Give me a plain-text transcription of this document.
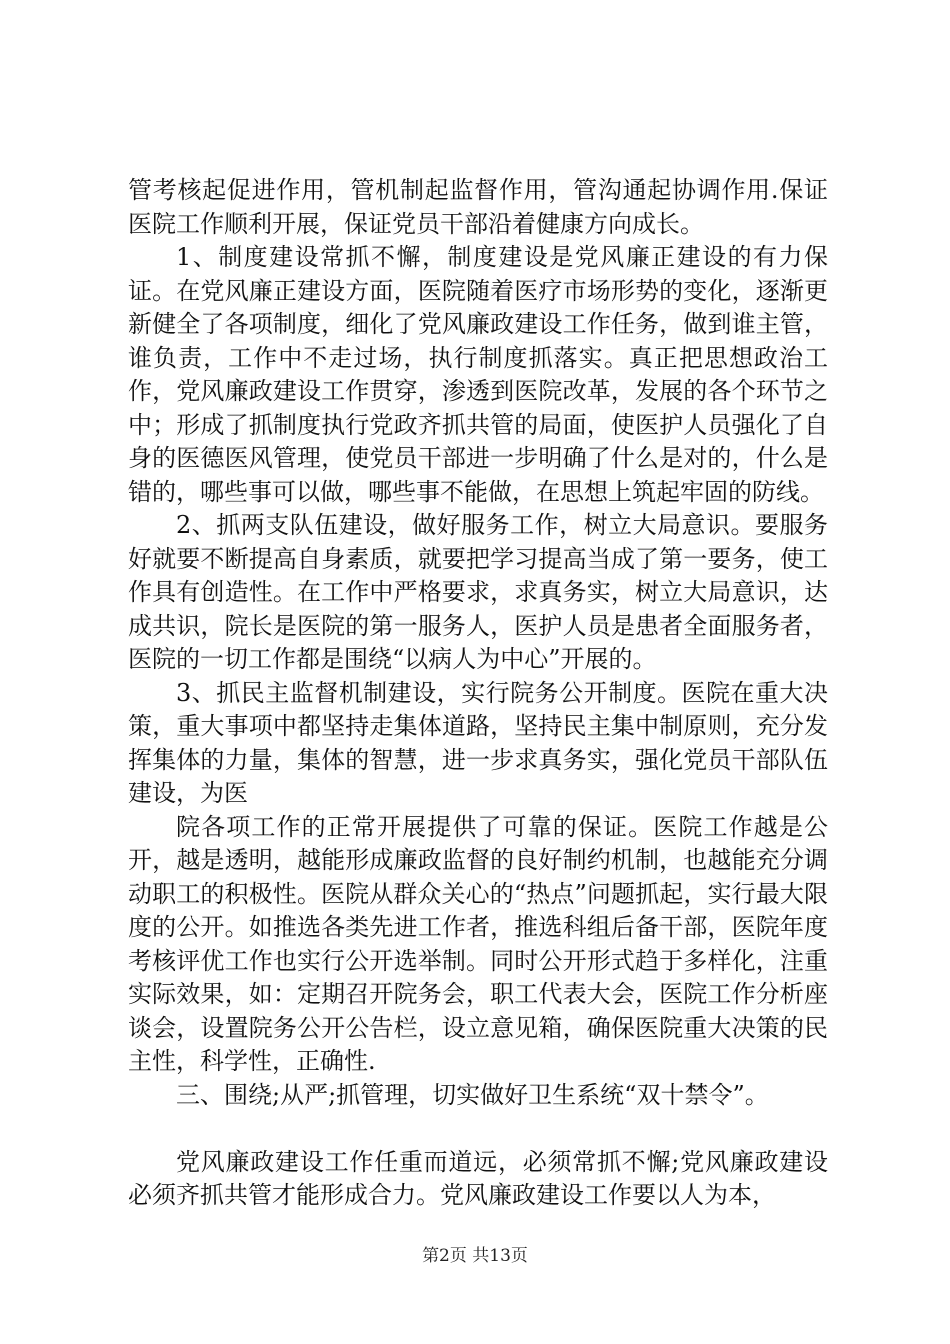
管考核起促进作用，管机制起监督作用，管沟通起协调作用.保证医院工作顺利开展，保证党员干部沿着健康方向成长。

1、制度建设常抓不懈，制度建设是党风廉正建设的有力保证。在党风廉正建设方面，医院随着医疗市场形势的变化，逐渐更新健全了各项制度，细化了党风廉政建设工作任务，做到谁主管，谁负责，工作中不走过场，执行制度抓落实。真正把思想政治工作，党风廉政建设工作贯穿，渗透到医院改革，发展的各个环节之中；形成了抓制度执行党政齐抓共管的局面，使医护人员强化了自身的医德医风管理，使党员干部进一步明确了什么是对的，什么是错的，哪些事可以做，哪些事不能做，在思想上筑起牢固的防线。

2、抓两支队伍建设，做好服务工作，树立大局意识。要服务好就要不断提高自身素质，就要把学习提高当成了第一要务，使工作具有创造性。在工作中严格要求，求真务实，树立大局意识，达成共识，院长是医院的第一服务人，医护人员是患者全面服务者，医院的一切工作都是围绕“以病人为中心”开展的。

3、抓民主监督机制建设，实行院务公开制度。医院在重大决策，重大事项中都坚持走集体道路，坚持民主集中制原则，充分发挥集体的力量，集体的智慧，进一步求真务实，强化党员干部队伍建设，为医

院各项工作的正常开展提供了可靠的保证。医院工作越是公开，越是透明，越能形成廉政监督的良好制约机制，也越能充分调动职工的积极性。医院从群众关心的“热点”问题抓起，实行最大限度的公开。如推选各类先进工作者，推选科组后备干部，医院年度考核评优工作也实行公开选举制。同时公开形式趋于多样化，注重实际效果，如：定期召开院务会，职工代表大会，医院工作分析座谈会，设置院务公开公告栏，设立意见箱，确保医院重大决策的民主性，科学性，正确性.

三、围绕;从严;抓管理，切实做好卫生系统“双十禁令”。

党风廉政建设工作任重而道远，必须常抓不懈;党风廉政建设必须齐抓共管才能形成合力。党风廉政建设工作要以人为本，

第2页 共13页
